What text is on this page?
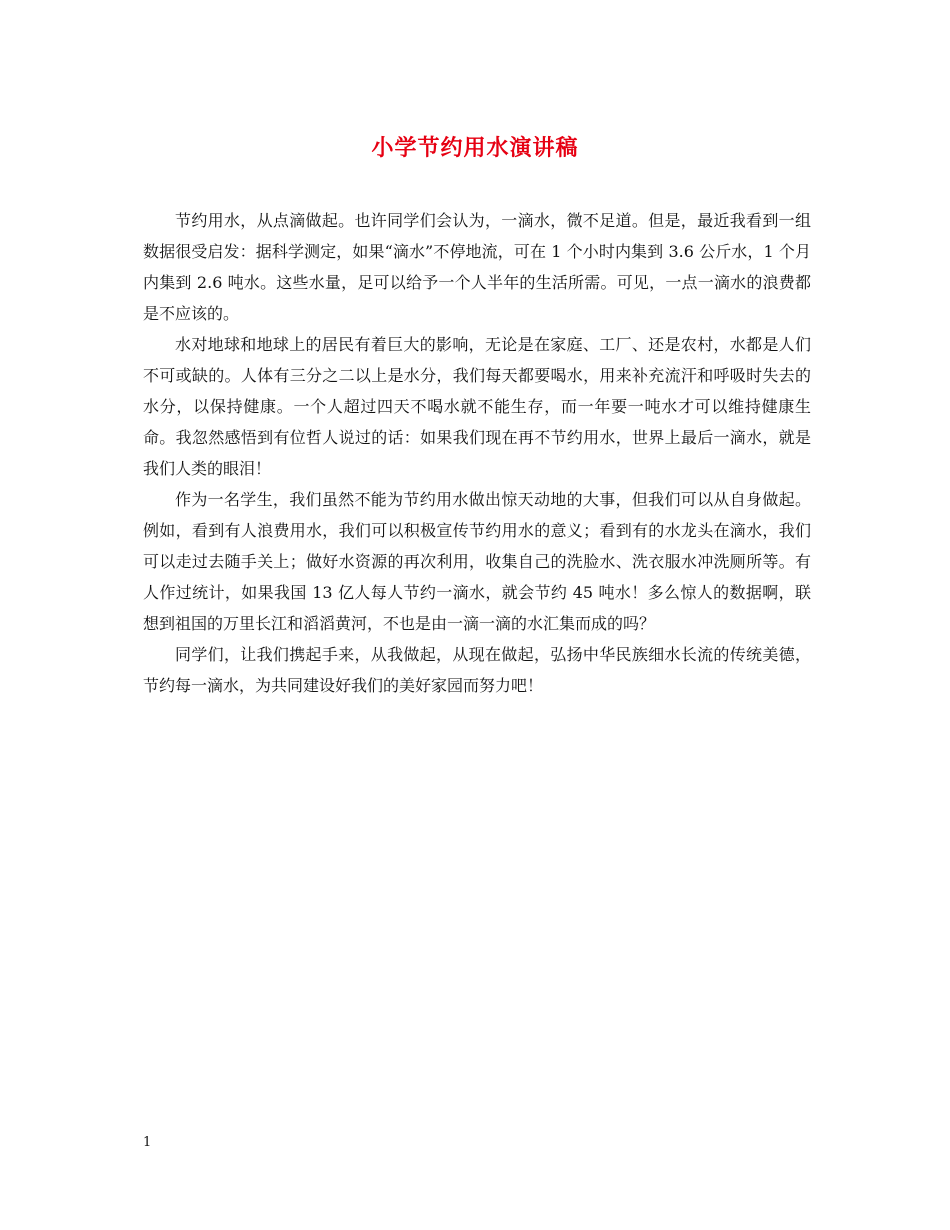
小学节约用水演讲稿

节约用水，从点滴做起。也许同学们会认为，一滴水，微不足道。但是，最近我看到一组数据很受启发：据科学测定，如果“滴水”不停地流，可在 1 个小时内集到 3.6 公斤水，1 个月内集到 2.6 吨水。这些水量，足可以给予一个人半年的生活所需。可见，一点一滴水的浪费都是不应该的。

水对地球和地球上的居民有着巨大的影响，无论是在家庭、工厂、还是农村，水都是人们不可或缺的。人体有三分之二以上是水分，我们每天都要喝水，用来补充流汗和呼吸时失去的水分，以保持健康。一个人超过四天不喝水就不能生存，而一年要一吨水才可以维持健康生命。我忽然感悟到有位哲人说过的话：如果我们现在再不节约用水，世界上最后一滴水，就是我们人类的眼泪！

作为一名学生，我们虽然不能为节约用水做出惊天动地的大事，但我们可以从自身做起。例如，看到有人浪费用水，我们可以积极宣传节约用水的意义；看到有的水龙头在滴水，我们可以走过去随手关上；做好水资源的再次利用，收集自己的洗脸水、洗衣服水冲洗厕所等。有人作过统计，如果我国 13 亿人每人节约一滴水，就会节约 45 吨水！多么惊人的数据啊，联想到祖国的万里长江和滔滔黄河，不也是由一滴一滴的水汇集而成的吗？

同学们，让我们携起手来，从我做起，从现在做起，弘扬中华民族细水长流的传统美德，节约每一滴水，为共同建设好我们的美好家园而努力吧！

1
